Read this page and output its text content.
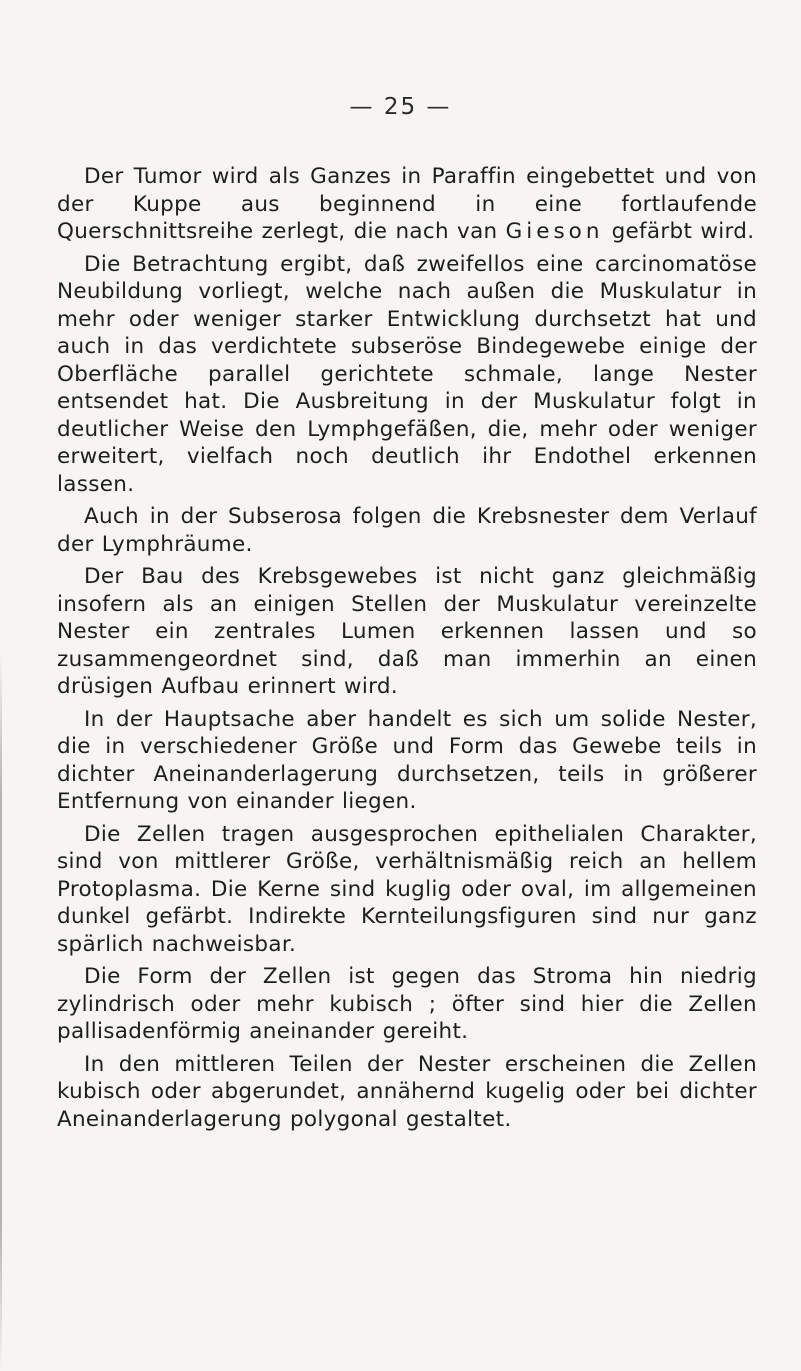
— 25 —

Der Tumor wird als Ganzes in Paraffin eingebettet und von der Kuppe aus beginnend in eine fortlaufende Querschnittsreihe zerlegt, die nach van Gieson gefärbt wird.

Die Betrachtung ergibt, daß zweifellos eine carcinomatöse Neubildung vorliegt, welche nach außen die Muskulatur in mehr oder weniger starker Entwicklung durchsetzt hat und auch in das verdichtete subseröse Bindegewebe einige der Oberfläche parallel gerichtete schmale, lange Nester entsendet hat. Die Ausbreitung in der Muskulatur folgt in deutlicher Weise den Lymphgefäßen, die, mehr oder weniger erweitert, vielfach noch deutlich ihr Endothel erkennen lassen.

Auch in der Subserosa folgen die Krebsnester dem Verlauf der Lymphräume.

Der Bau des Krebsgewebes ist nicht ganz gleichmäßig insofern als an einigen Stellen der Muskulatur vereinzelte Nester ein zentrales Lumen erkennen lassen und so zusammengeordnet sind, daß man immerhin an einen drüsigen Aufbau erinnert wird.

In der Hauptsache aber handelt es sich um solide Nester, die in verschiedener Größe und Form das Gewebe teils in dichter Aneinanderlagerung durchsetzen, teils in größerer Entfernung von einander liegen.

Die Zellen tragen ausgesprochen epithelialen Charakter, sind von mittlerer Größe, verhältnismäßig reich an hellem Protoplasma. Die Kerne sind kuglig oder oval, im allgemeinen dunkel gefärbt. Indirekte Kernteilungsfiguren sind nur ganz spärlich nachweisbar.

Die Form der Zellen ist gegen das Stroma hin niedrig zylindrisch oder mehr kubisch ; öfter sind hier die Zellen pallisadenförmig aneinander gereiht.

In den mittleren Teilen der Nester erscheinen die Zellen kubisch oder abgerundet, annähernd kugelig oder bei dichter Aneinanderlagerung polygonal gestaltet.
